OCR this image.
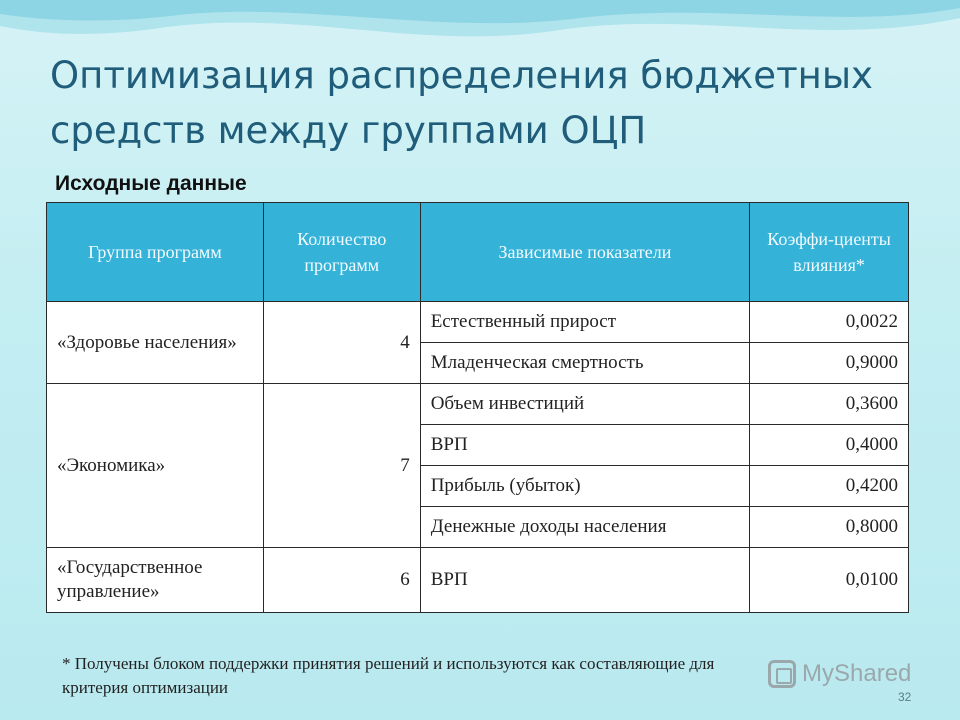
Оптимизация распределения бюджетных средств между группами ОЦП
Исходные данные
Группа программ	Количество программ	Зависимые показатели	Коэффи-циенты влияния*
«Здоровье населения»	4	Естественный прирост	0,0022
		Младенческая смертность	0,9000
«Экономика»	7	Объем инвестиций	0,3600
		ВРП	0,4000
		Прибыль (убыток)	0,4200
		Денежные доходы населения	0,8000
«Государственное управление»	6	ВРП	0,0100
* Получены блоком поддержки принятия решений и используются как составляющие для критерия оптимизации
MyShared
32
